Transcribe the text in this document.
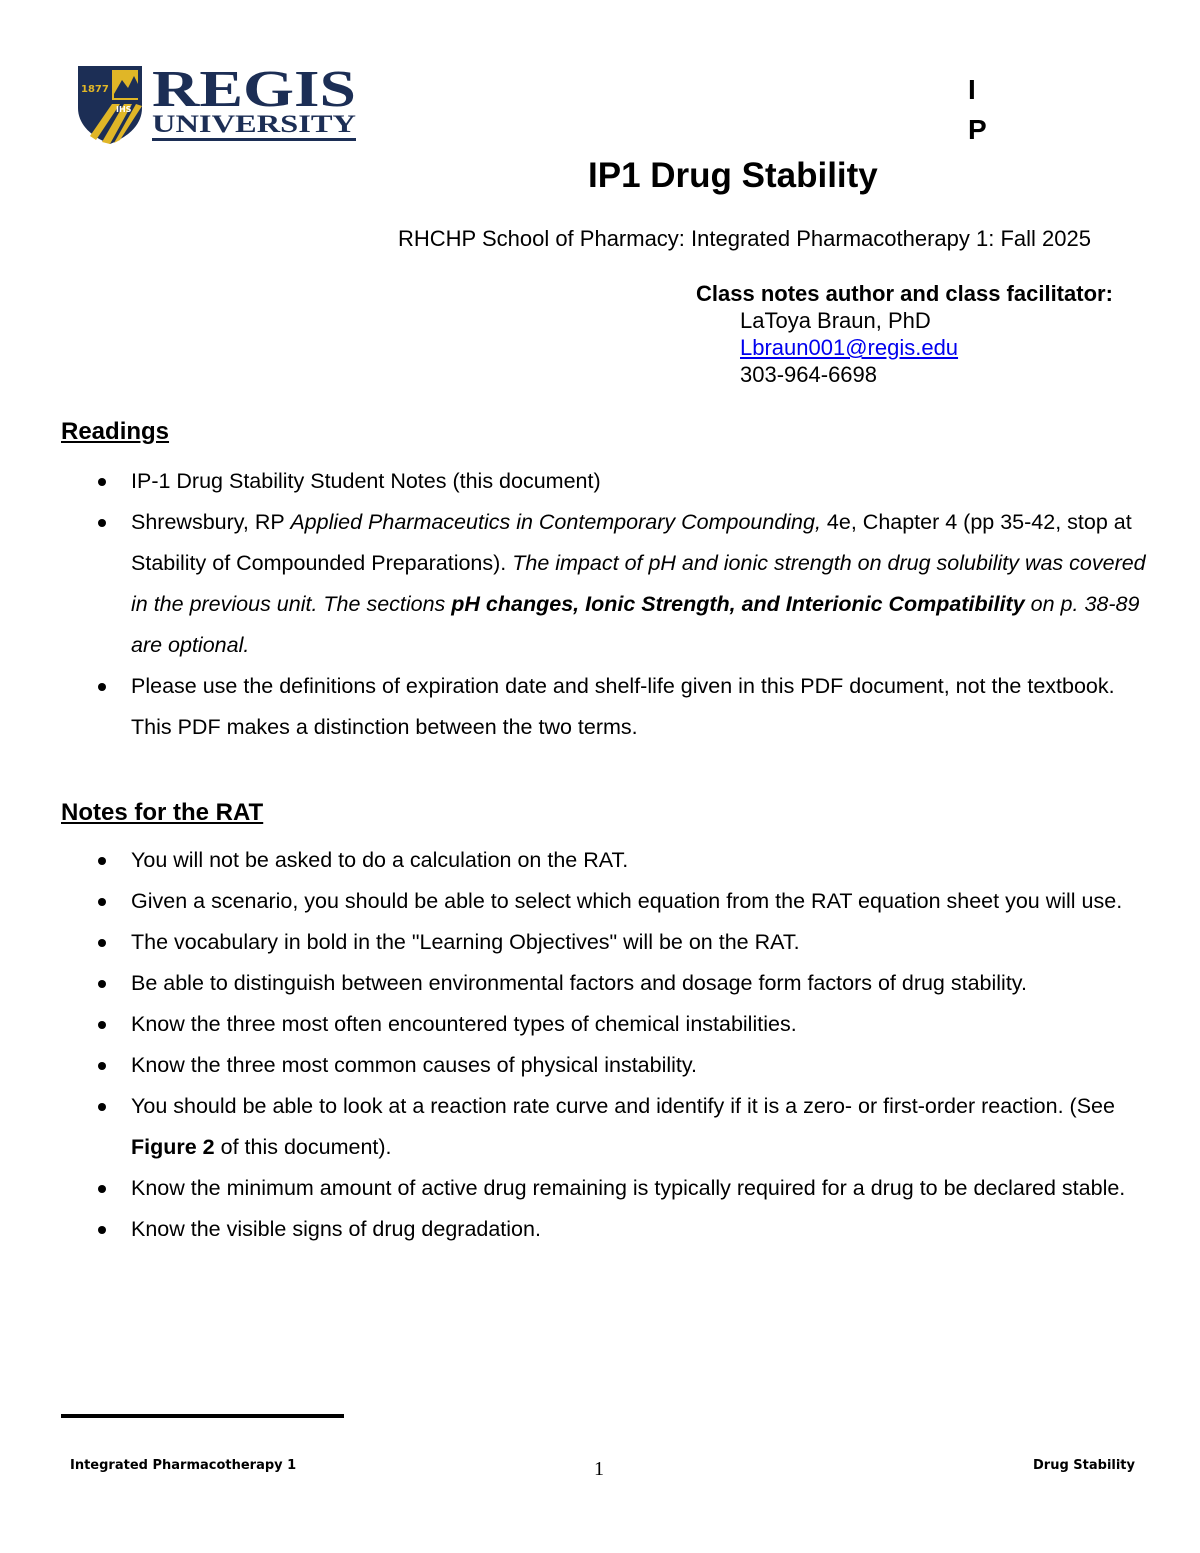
1877
IHS REGIS
UNIVERSITY
I
P
IP1 Drug Stability
RHCHP School of Pharmacy: Integrated Pharmacotherapy 1: Fall 2025
Class notes author and class facilitator:
LaToya Braun, PhD
Lbraun001@regis.edu
303-964-6698
Readings
IP-1 Drug Stability Student Notes (this document)
Shrewsbury, RP Applied Pharmaceutics in Contemporary Compounding, 4e, Chapter 4 (pp 35-42, stop at Stability of Compounded Preparations). The impact of pH and ionic strength on drug solubility was covered in the previous unit. The sections pH changes, Ionic Strength, and Interionic Compatibility on p. 38-89 are optional.
Please use the definitions of expiration date and shelf-life given in this PDF document, not the textbook. This PDF makes a distinction between the two terms.
Notes for the RAT
You will not be asked to do a calculation on the RAT.
Given a scenario, you should be able to select which equation from the RAT equation sheet you will use.
The vocabulary in bold in the "Learning Objectives" will be on the RAT.
Be able to distinguish between environmental factors and dosage form factors of drug stability.
Know the three most often encountered types of chemical instabilities.
Know the three most common causes of physical instability.
You should be able to look at a reaction rate curve and identify if it is a zero- or first-order reaction. (See Figure 2 of this document).
Know the minimum amount of active drug remaining is typically required for a drug to be declared stable.
Know the visible signs of drug degradation.
Integrated Pharmacotherapy 1	1	Drug Stability
